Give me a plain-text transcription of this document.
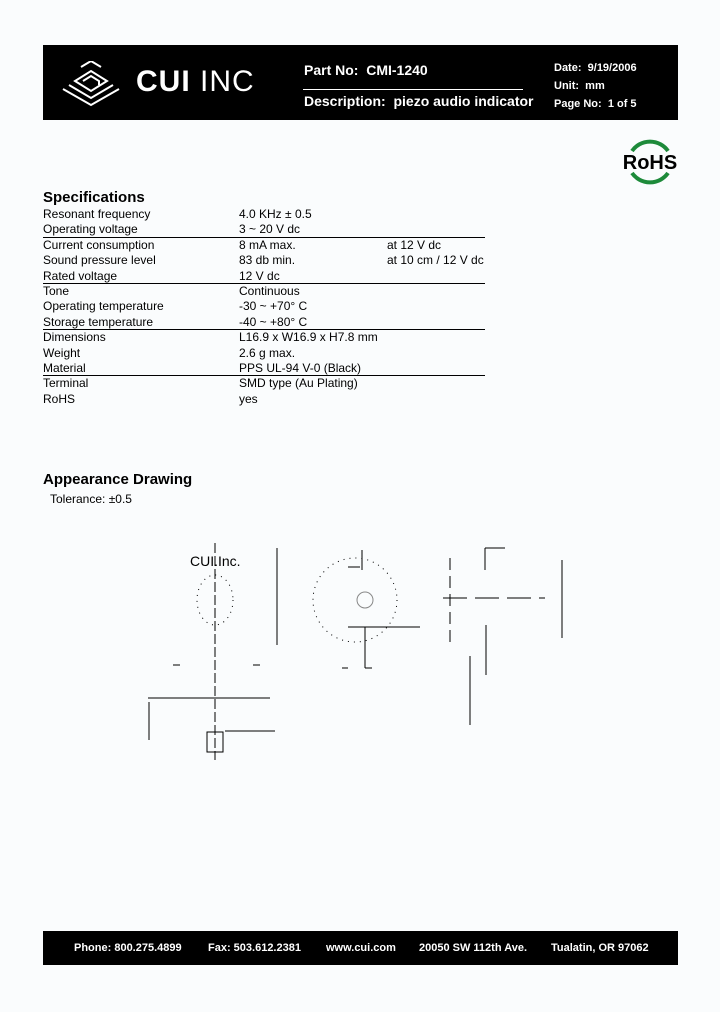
CUI INC	Part No: CMI-1240
Description: piezo audio indicator
Date: 9/19/2006
Unit: mm
Page No: 1 of 5
RoHS
Specifications
Resonant frequency	4.0 KHz ± 0.5
Operating voltage	3 ~ 20 V dc
Current consumption	8 mA max.	at 12 V dc
Sound pressure level	83 db min.	at 10 cm / 12 V dc
Rated voltage	12 V dc
Tone	Continuous
Operating temperature	-30 ~ +70° C
Storage temperature	-40 ~ +80° C
Dimensions	L16.9 x W16.9 x H7.8 mm
Weight	2.6 g max.
Material	PPS UL-94 V-0 (Black)
Terminal	SMD type (Au Plating)
RoHS	yes
Appearance Drawing
Tolerance: ±0.5
CUI.Inc.
Phone: 800.275.4899 Fax: 503.612.2381 www.cui.com 20050 SW 112th Ave. Tualatin, OR 97062
